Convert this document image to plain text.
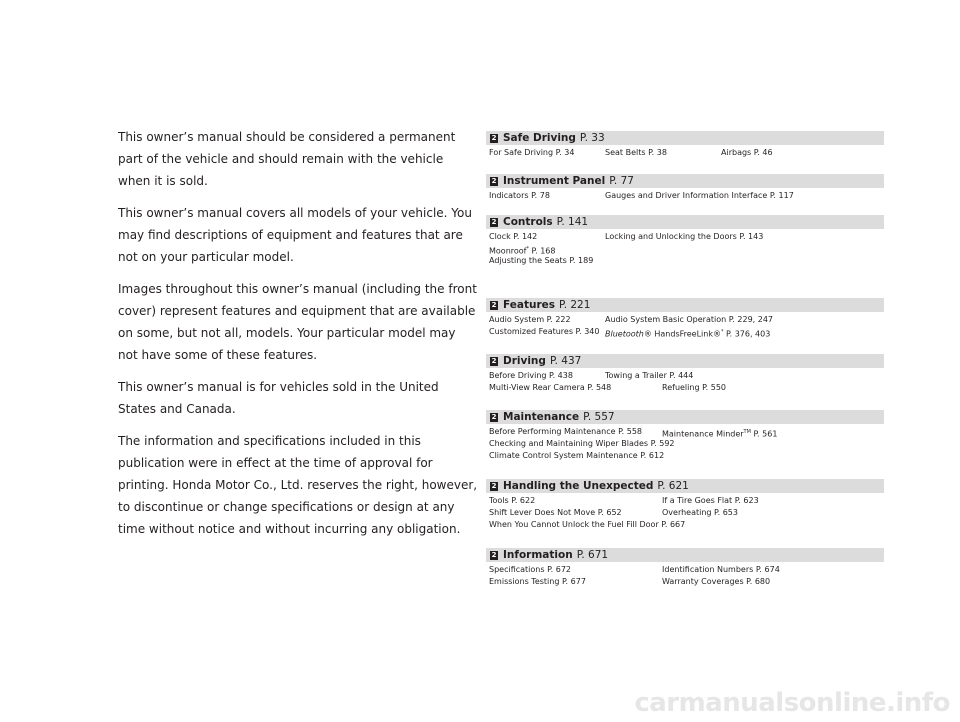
This owner’s manual should be considered a permanent part of the vehicle and should remain with the vehicle when it is sold.

This owner’s manual covers all models of your vehicle. You may find descriptions of equipment and features that are not on your particular model.

Images throughout this owner’s manual (including the front cover) represent features and equipment that are available on some, but not all, models. Your particular model may not have some of these features.

This owner’s manual is for vehicles sold in the United States and Canada.

The information and specifications included in this publication were in effect at the time of approval for printing. Honda Motor Co., Ltd. reserves the right, however, to discontinue or change specifications or design at any time without notice and without incurring any obligation.

2 Safe Driving P. 33
For Safe Driving P. 34	Seat Belts P. 38	Airbags P. 46
2 Instrument Panel P. 77
Indicators P. 78	Gauges and Driver Information Interface P. 117
2 Controls P. 141
Clock P. 142	Locking and Unlocking the Doors P. 143
Moonroof* P. 168
Adjusting the Seats P. 189
2 Features P. 221
Audio System P. 222	Audio System Basic Operation P. 229, 247
Customized Features P. 340 Bluetooth® HandsFreeLink®* P. 376, 403
2 Driving P. 437
Before Driving P. 438	Towing a Trailer P. 444
Multi-View Rear Camera P. 548	Refueling P. 550
2 Maintenance P. 557
Before Performing Maintenance P. 558	Maintenance Minder™ P. 561
Checking and Maintaining Wiper Blades P. 592
Climate Control System Maintenance P. 612
2 Handling the Unexpected P. 621
Tools P. 622	If a Tire Goes Flat P. 623
Shift Lever Does Not Move P. 652	Overheating P. 653
When You Cannot Unlock the Fuel Fill Door P. 667
2 Information P. 671
Specifications P. 672	Identification Numbers P. 674
Emissions Testing P. 677	Warranty Coverages P. 680
carmanualsonline.info
